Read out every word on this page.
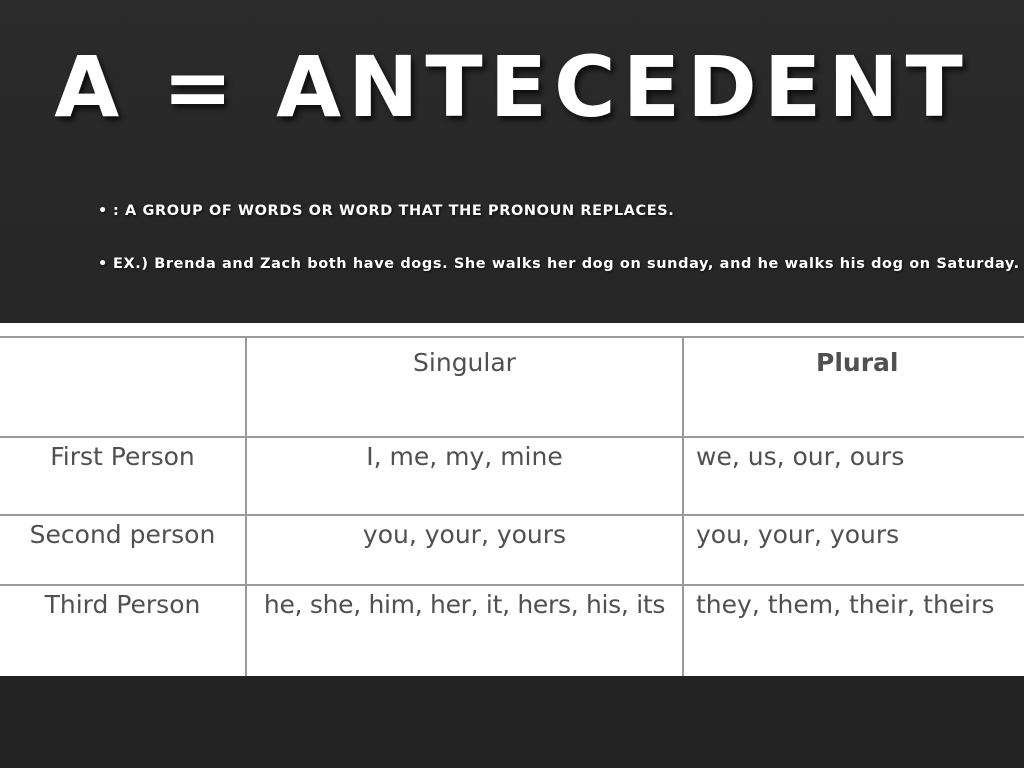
A = ANTECEDENT
• : A GROUP OF WORDS OR WORD THAT THE PRONOUN REPLACES.
• EX.) Brenda and Zach both have dogs. She walks her dog on sunday, and he walks his dog on Saturday.
	Singular	Plural
First Person	I, me, my, mine	we, us, our, ours
Second person	you, your, yours	you, your, yours
Third Person	he, she, him, her, it, hers, his, its	they, them, their, theirs
